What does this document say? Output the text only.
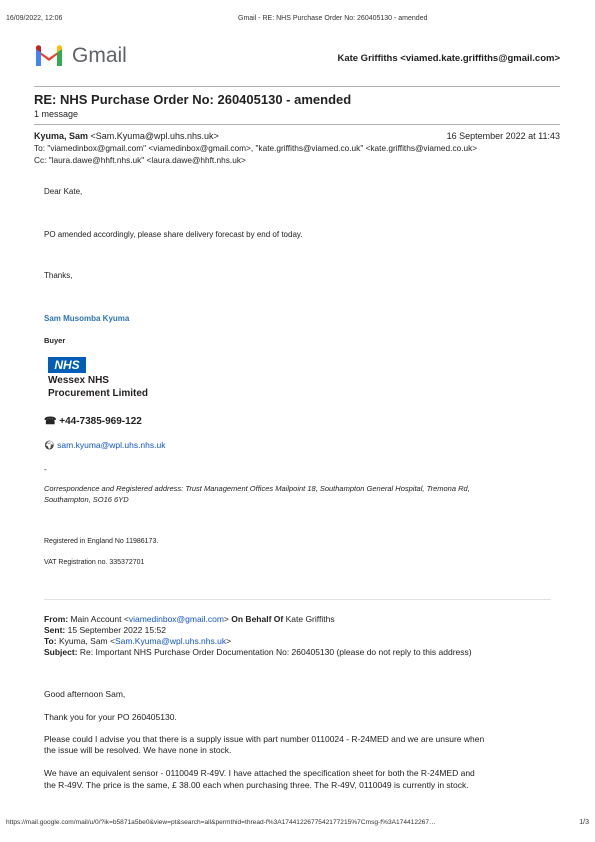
16/09/2022, 12:06	Gmail - RE: NHS Purchase Order No: 260405130 - amended
Gmail	Kate Griffiths <viamed.kate.griffiths@gmail.com>
RE: NHS Purchase Order No: 260405130 - amended
1 message
Kyuma, Sam <Sam.Kyuma@wpl.uhs.nhs.uk>	16 September 2022 at 11:43
To: "viamedinbox@gmail.com" <viamedinbox@gmail.com>, "kate.griffiths@viamed.co.uk" <kate.griffiths@viamed.co.uk>
Cc: "laura.dawe@hhft.nhs.uk" <laura.dawe@hhft.nhs.uk>
Dear Kate,
PO amended accordingly, please share delivery forecast by end of today.
Thanks,
Sam Musomba Kyuma
Buyer
NHS
Wessex NHS
Procurement Limited
☎ +44-7385-969-122
🌍︎ sam.kyuma@wpl.uhs.nhs.uk
-
Correspondence and Registered address: Trust Management Offices Mailpoint 18, Southampton General Hospital, Tremona Rd,
Southampton, SO16 6YD
Registered in England No 11986173.
VAT Registration no. 335372701
From: Main Account <viamedinbox@gmail.com> On Behalf Of Kate Griffiths
Sent: 15 September 2022 15:52
To: Kyuma, Sam <Sam.Kyuma@wpl.uhs.nhs.uk>
Subject: Re: Important NHS Purchase Order Documentation No: 260405130 (please do not reply to this address)
Good afternoon Sam,
Thank you for your PO 260405130.
Please could I advise you that there is a supply issue with part number 0110024 - R-24MED and we are unsure when
the issue will be resolved. We have none in stock.
We have an equivalent sensor - 0110049 R-49V. I have attached the specification sheet for both the R-24MED and
the R-49V. The price is the same, £ 38.00 each when purchasing three. The R-49V, 0110049 is currently in stock.
https://mail.google.com/mail/u/0/?ik=b5871a5be0&view=pt&search=all&permthid=thread-f%3A1744122677542177215%7Cmsg-f%3A174412267…	1/3
